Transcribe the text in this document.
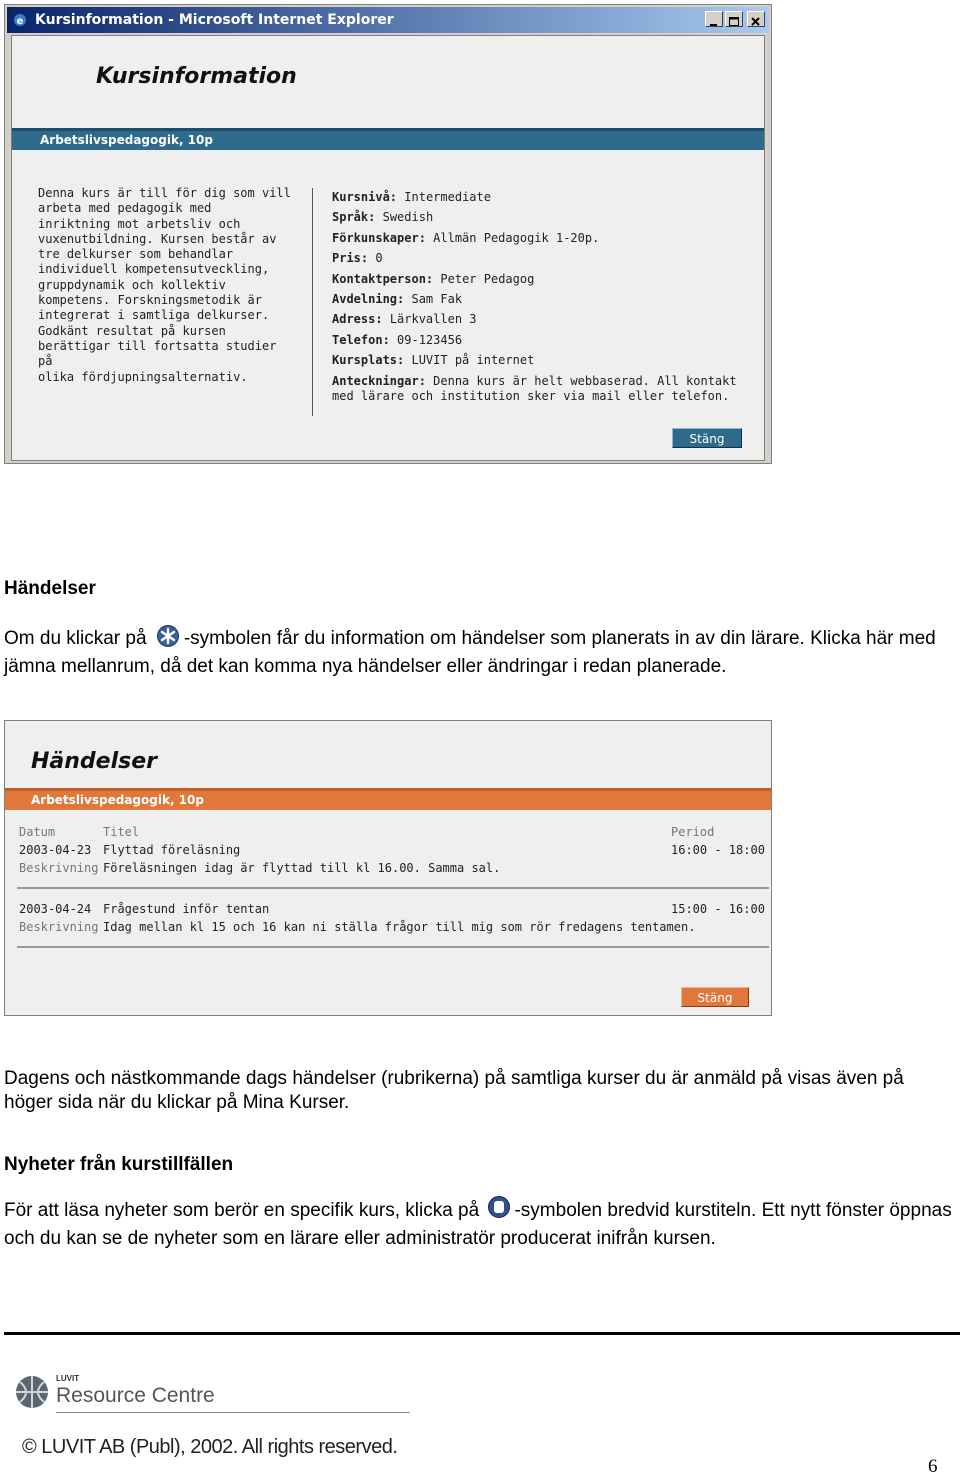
e Kursinformation - Microsoft Internet Explorer
Kursinformation
Arbetslivspedagogik, 10p
Denna kurs är till för dig som vill
arbeta med pedagogik med
inriktning mot arbetsliv och
vuxenutbildning. Kursen består av
tre delkurser som behandlar
individuell kompetensutveckling,
gruppdynamik och kollektiv
kompetens. Forskningsmetodik är
integrerat i samtliga delkurser.
Godkänt resultat på kursen
berättigar till fortsatta studier på
olika fördjupningsalternativ.
Kursnivå: Intermediate
Språk: Swedish
Förkunskaper: Allmän Pedagogik 1-20p.
Pris: 0
Kontaktperson: Peter Pedagog
Avdelning: Sam Fak
Adress: Lärkvallen 3
Telefon: 09-123456
Kursplats: LUVIT på internet
Anteckningar: Denna kurs är helt webbaserad. All kontakt med lärare och institution sker via mail eller telefon.
Stäng
Händelser
Om du klickar på -symbolen får du information om händelser som planerats in av din lärare. Klicka här med jämna mellanrum, då det kan komma nya händelser eller ändringar i redan planerade.
Händelser
Arbetslivspedagogik, 10p
Datum	Titel	Period
2003-04-23 Flyttad föreläsning	16:00 - 18:00
Beskrivning Föreläsningen idag är flyttad till kl 16.00. Samma sal.
2003-04-24 Frågestund inför tentan	15:00 - 16:00
Beskrivning Idag mellan kl 15 och 16 kan ni ställa frågor till mig som rör fredagens tentamen.
Stäng
Dagens och nästkommande dags händelser (rubrikerna) på samtliga kurser du är anmäld på visas även på höger sida när du klickar på Mina Kurser.
Nyheter från kurstillfällen
För att läsa nyheter som berör en specifik kurs, klicka på -symbolen bredvid kurstiteln. Ett nytt fönster öppnas och du kan se de nyheter som en lärare eller administratör producerat inifrån kursen.
LUVIT
Resource Centre
© LUVIT AB (Publ), 2002. All rights reserved.
6
